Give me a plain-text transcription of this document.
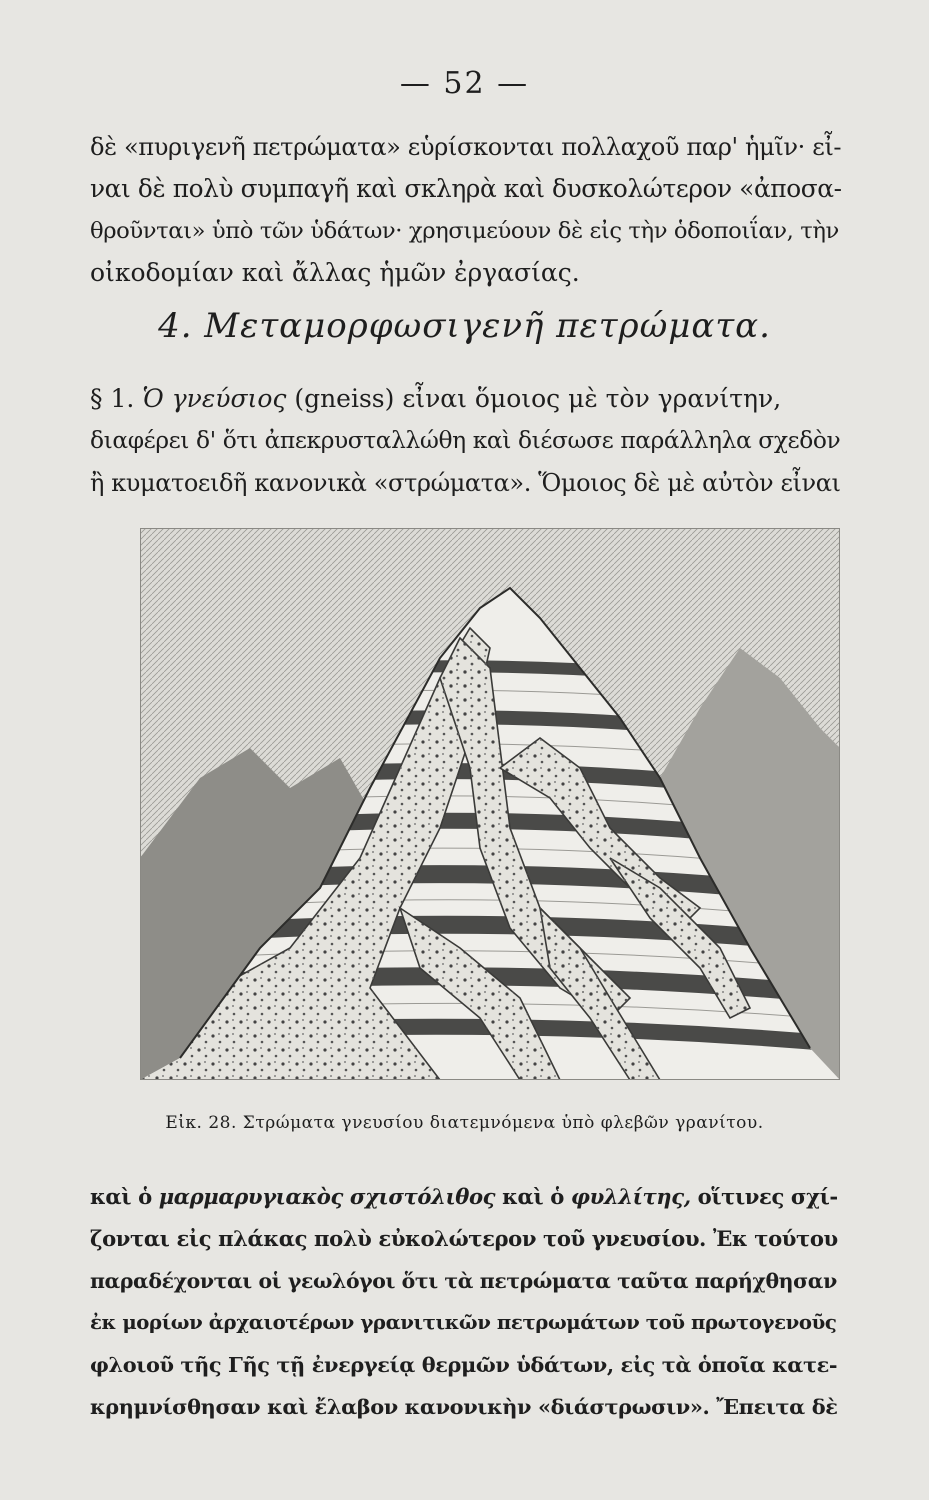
— 52 —
δὲ «πυριγενῆ πετρώματα» εὑρίσκονται πολλαχοῦ παρ' ἡμῖν· εἶ-
ναι δὲ πολὺ συμπαγῆ καὶ σκληρὰ καὶ δυσκολώτερον «ἀποσα-
θροῦνται» ὑπὸ τῶν ὑδάτων· χρησιμεύουν δὲ εἰς τὴν ὁδοποιΐαν, τὴν
οἰκοδομίαν καὶ ἄλλας ἡμῶν ἐργασίας.
4. Μεταμορφωσιγενῆ πετρώματα.
§ 1. Ὁ γνεύσιος (gneiss) εἶναι ὅμοιος μὲ τὸν γρανίτην,
διαφέρει δ' ὅτι ἀπεκρυσταλλώθη καὶ διέσωσε παράλληλα σχεδὸν
ἢ κυματοειδῆ κανονικὰ «στρώματα». Ὅμοιος δὲ μὲ αὐτὸν εἶναι
Εἰκ. 28. Στρώματα γνευσίου διατεμνόμενα ὑπὸ φλεβῶν γρανίτου.
καὶ ὁ μαρμαρυγιακὸς σχιστόλιθος καὶ ὁ φυλλίτης, οἵτινες σχί-
ζονται εἰς πλάκας πολὺ εὐκολώτερον τοῦ γνευσίου. Ἐκ τούτου
παραδέχονται οἱ γεωλόγοι ὅτι τὰ πετρώματα ταῦτα παρήχθησαν
ἐκ μορίων ἀρχαιοτέρων γρανιτικῶν πετρωμάτων τοῦ πρωτογενοῦς
φλοιοῦ τῆς Γῆς τῇ ἐνεργείᾳ θερμῶν ὑδάτων, εἰς τὰ ὁποῖα κατε-
κρημνίσθησαν καὶ ἔλαβον κανονικὴν «διάστρωσιν». Ἔπειτα δὲ
